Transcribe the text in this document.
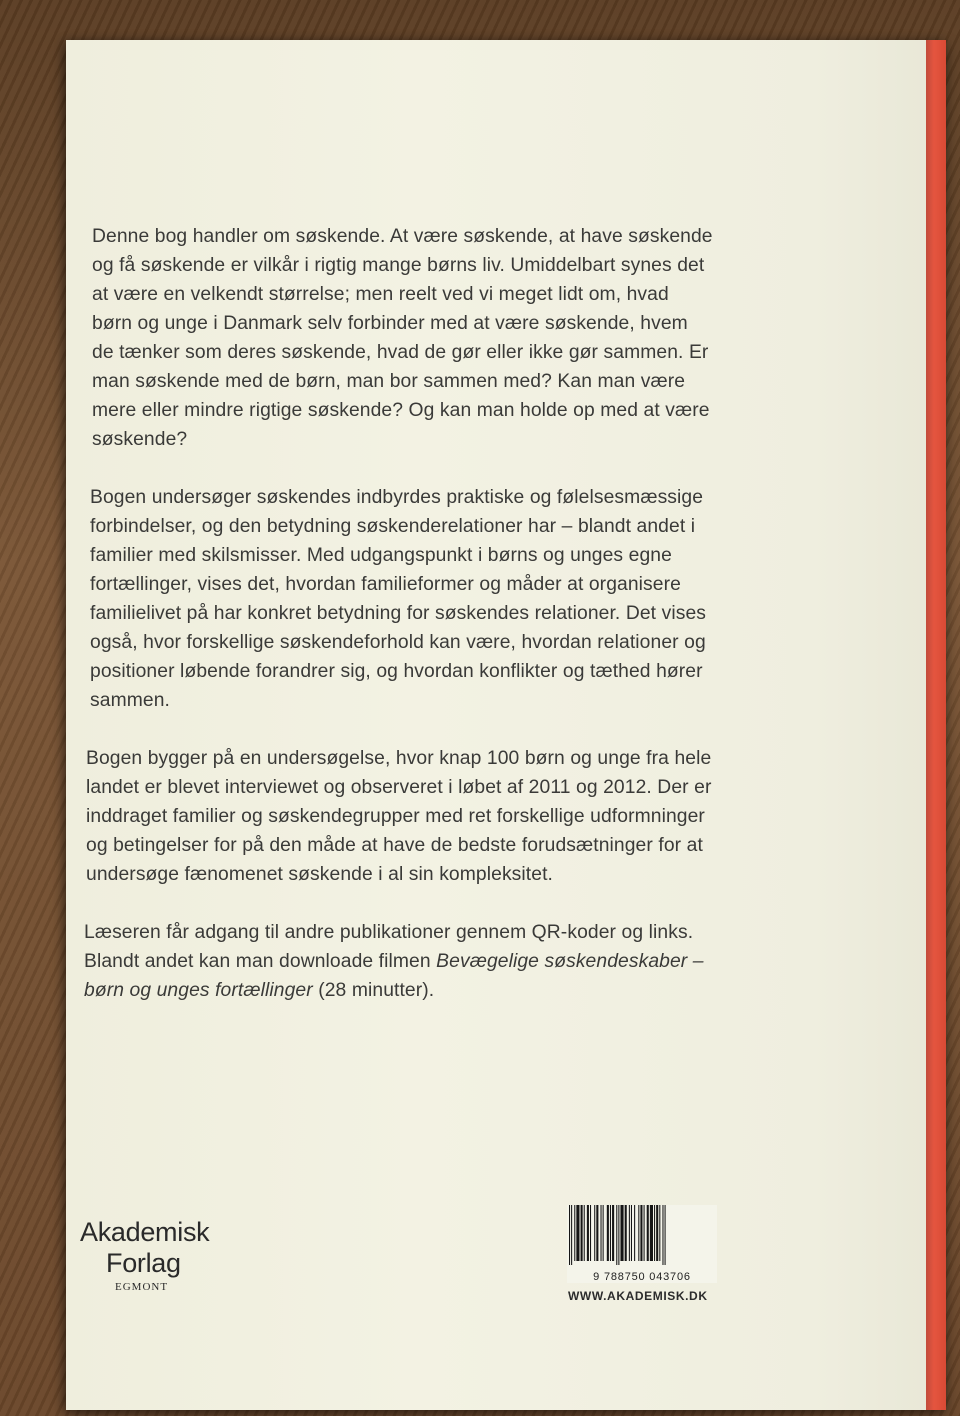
Denne bog handler om søskende. At være søskende, at have søskende og få søskende er vilkår i rigtig mange børns liv. Umiddelbart synes det at være en velkendt størrelse; men reelt ved vi meget lidt om, hvad børn og unge i Danmark selv forbinder med at være søskende, hvem de tænker som deres søskende, hvad de gør eller ikke gør sammen. Er man søskende med de børn, man bor sammen med? Kan man være mere eller mindre rigtige søskende? Og kan man holde op med at være søskende?

Bogen undersøger søskendes indbyrdes praktiske og følelsesmæssige forbindelser, og den betydning søskenderelationer har – blandt andet i familier med skilsmisser. Med udgangspunkt i børns og unges egne fortællinger, vises det, hvordan familieformer og måder at organisere familielivet på har konkret betydning for søskendes relationer. Det vises også, hvor forskellige søskendeforhold kan være, hvordan relationer og positioner løbende forandrer sig, og hvordan konflikter og tæthed hører sammen.

Bogen bygger på en undersøgelse, hvor knap 100 børn og unge fra hele landet er blevet interviewet og observeret i løbet af 2011 og 2012. Der er inddraget familier og søskendegrupper med ret forskellige udformninger og betingelser for på den måde at have de bedste forudsætninger for at undersøge fænomenet søskende i al sin kompleksitet.

Læseren får adgang til andre publikationer gennem QR-koder og links. Blandt andet kan man downloade filmen Bevægelige søskendeskaber – børn og unges fortællinger (28 minutter).

Akademisk
Forlag
EGMONT
9 788750 043706
WWW.AKADEMISK.DK
